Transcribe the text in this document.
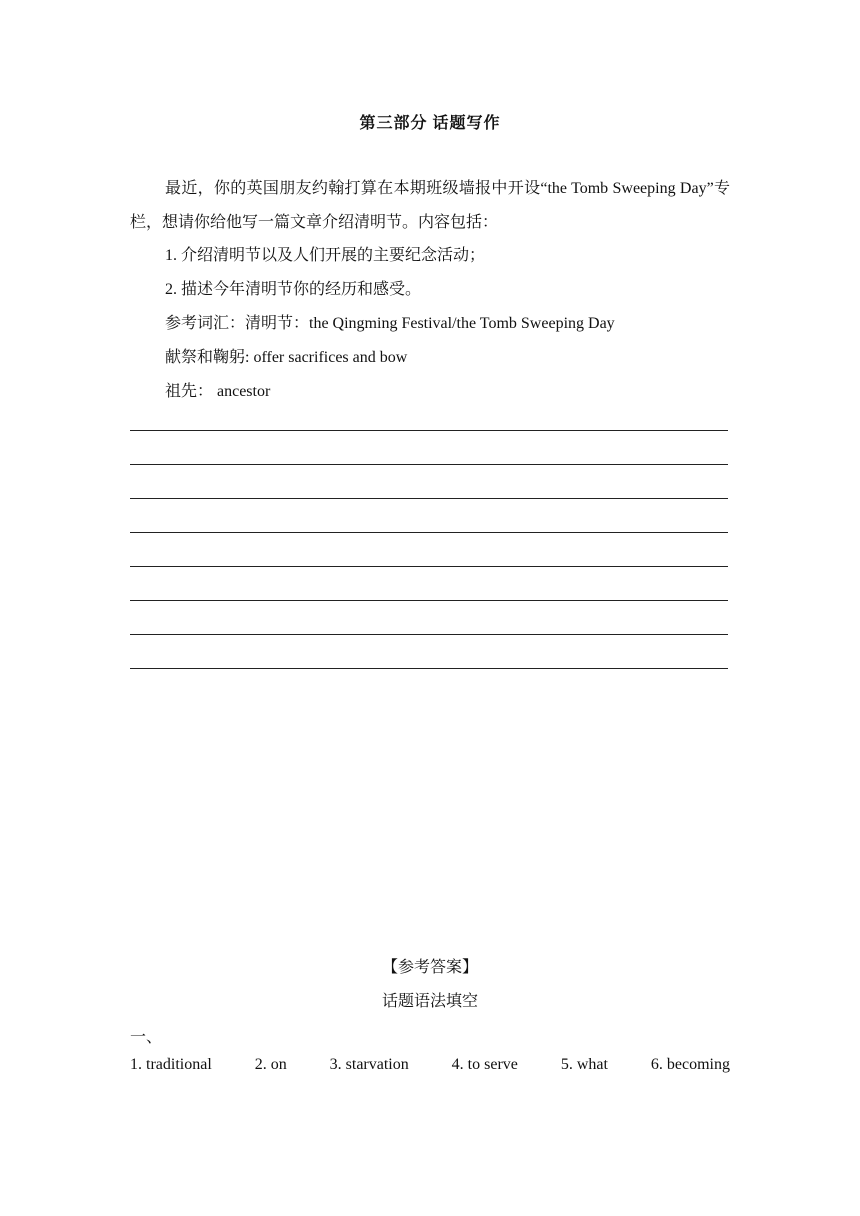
第三部分 话题写作
最近，你的英国朋友约翰打算在本期班级墙报中开设“the Tomb Sweeping Day”专栏，想请你给他写一篇文章介绍清明节。内容包括：
1. 介绍清明节以及人们开展的主要纪念活动；
2. 描述今年清明节你的经历和感受。
参考词汇：清明节：the Qingming Festival/the Tomb Sweeping Day
献祭和鞠躬: offer sacrifices and bow
祖先： ancestor
【参考答案】
话题语法填空
一、
1. traditional	2. on	3. starvation	4. to serve	5. what	6. becoming
